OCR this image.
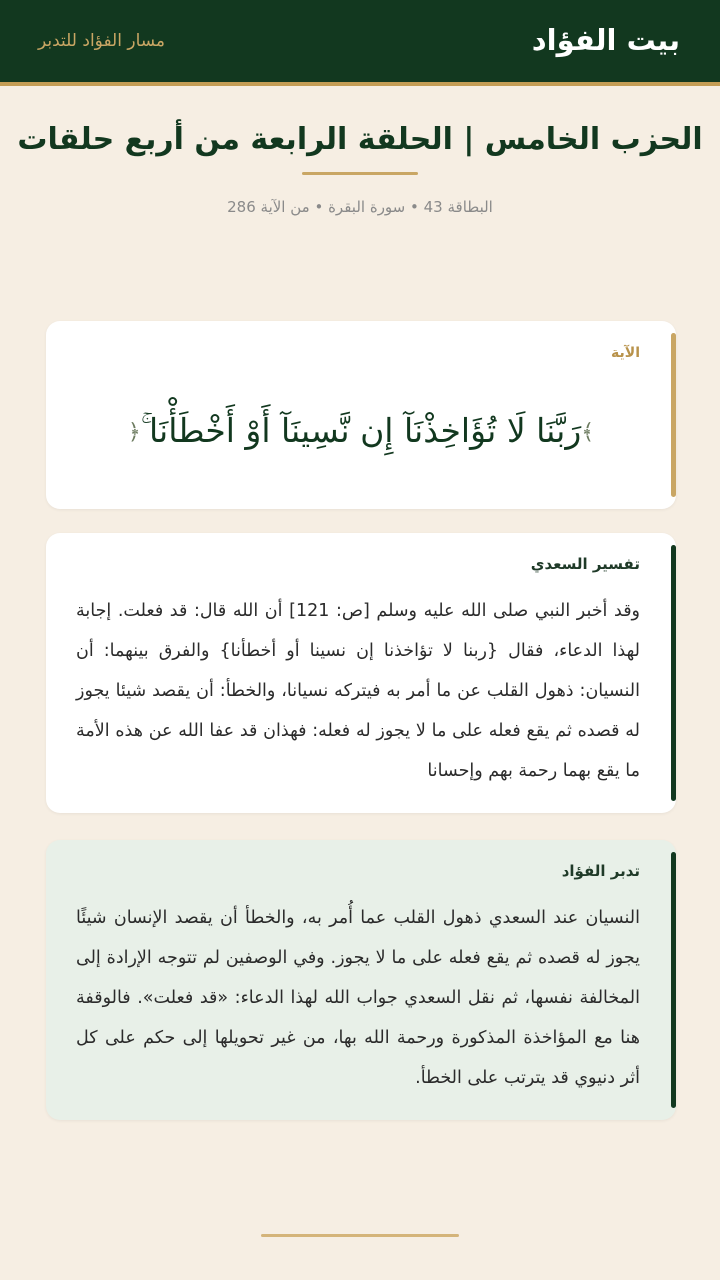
بيت الفؤاد
مسار الفؤاد للتدبر
الحزب الخامس | الحلقة الرابعة من أربع حلقات
البطاقة 43 • سورة البقرة • من الآية 286
الآية
﴾رَبَّنَا لَا تُؤَاخِذْنَآ إِن نَّسِينَآ أَوْ أَخْطَأْنَا ۚ﴿
تفسير السعدي
وقد أخبر النبي صلى الله عليه وسلم [ص: 121] أن الله قال: قد فعلت. إجابة لهذا الدعاء، فقال {ربنا لا تؤاخذنا إن نسينا أو أخطأنا} والفرق بينهما: أن النسيان: ذهول القلب عن ما أمر به فيتركه نسيانا، والخطأ: أن يقصد شيئا يجوز له قصده ثم يقع فعله على ما لا يجوز له فعله: فهذان قد عفا الله عن هذه الأمة ما يقع بهما رحمة بهم وإحسانا
تدبر الفؤاد
النسيان عند السعدي ذهول القلب عما أُمر به، والخطأ أن يقصد الإنسان شيئًا يجوز له قصده ثم يقع فعله على ما لا يجوز. وفي الوصفين لم تتوجه الإرادة إلى المخالفة نفسها، ثم نقل السعدي جواب الله لهذا الدعاء: «قد فعلت». فالوقفة هنا مع المؤاخذة المذكورة ورحمة الله بها، من غير تحويلها إلى حكم على كل أثر دنيوي قد يترتب على الخطأ.
